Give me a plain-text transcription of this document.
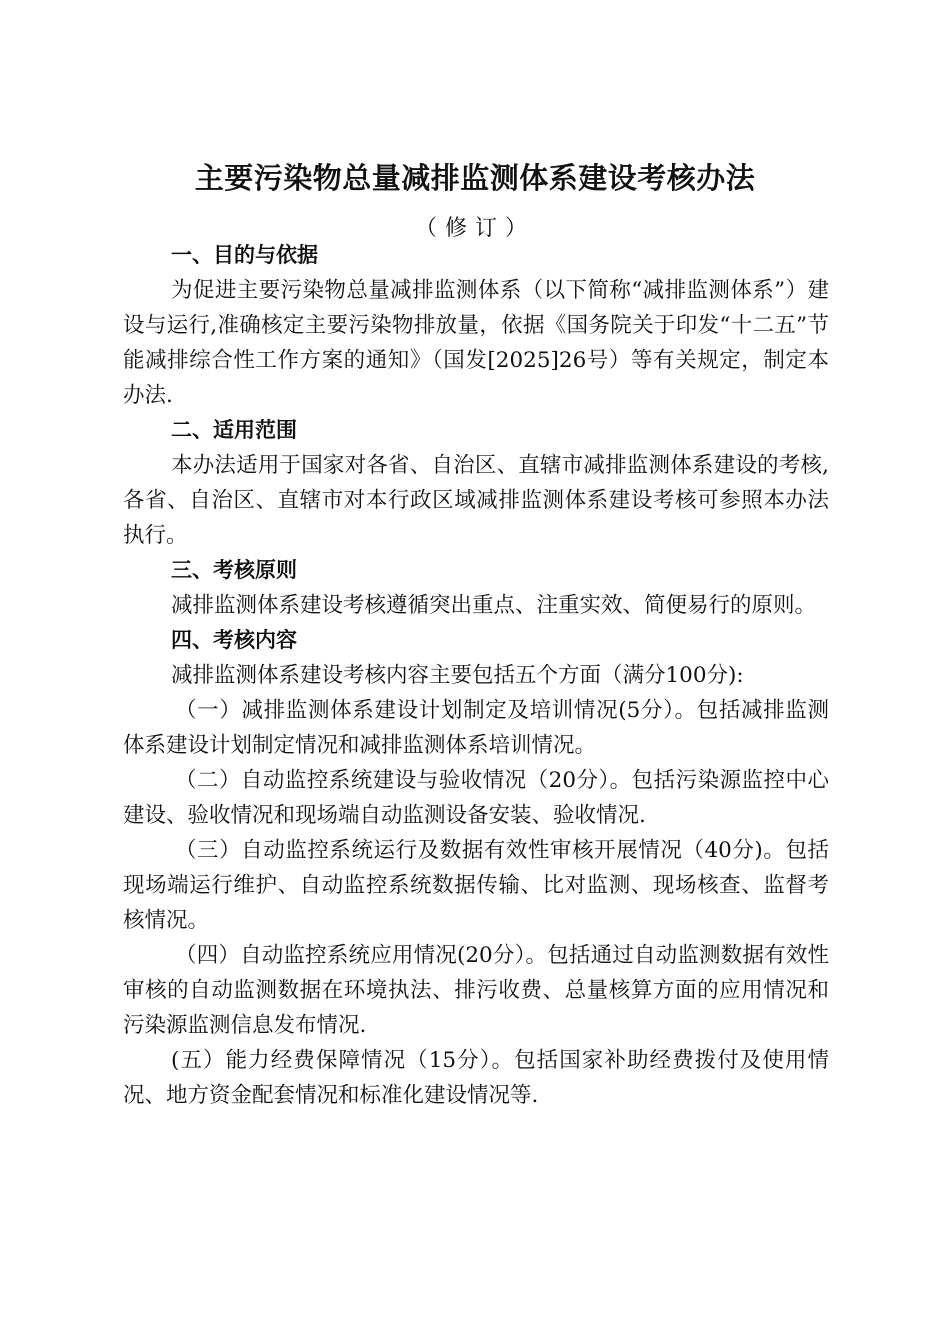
主要污染物总量减排监测体系建设考核办法
（修订）
一、目的与依据

为促进主要污染物总量减排监测体系（以下简称“减排监测体系”）建设与运行,准确核定主要污染物排放量，依据《国务院关于印发“十二五”节能减排综合性工作方案的通知》（国发[2025]26号）等有关规定，制定本办法.

二、适用范围

本办法适用于国家对各省、自治区、直辖市减排监测体系建设的考核,各省、自治区、直辖市对本行政区域减排监测体系建设考核可参照本办法执行。

三、考核原则

减排监测体系建设考核遵循突出重点、注重实效、简便易行的原则。

四、考核内容

减排监测体系建设考核内容主要包括五个方面（满分100分):

（一）减排监测体系建设计划制定及培训情况(5分）。包括减排监测体系建设计划制定情况和减排监测体系培训情况。

（二）自动监控系统建设与验收情况（20分）。包括污染源监控中心建设、验收情况和现场端自动监测设备安装、验收情况.

（三）自动监控系统运行及数据有效性审核开展情况（40分)。包括现场端运行维护、自动监控系统数据传输、比对监测、现场核查、监督考核情况。

（四）自动监控系统应用情况(20分）。包括通过自动监测数据有效性审核的自动监测数据在环境执法、排污收费、总量核算方面的应用情况和污染源监测信息发布情况.

(五）能力经费保障情况（15分）。包括国家补助经费拨付及使用情况、地方资金配套情况和标准化建设情况等.
